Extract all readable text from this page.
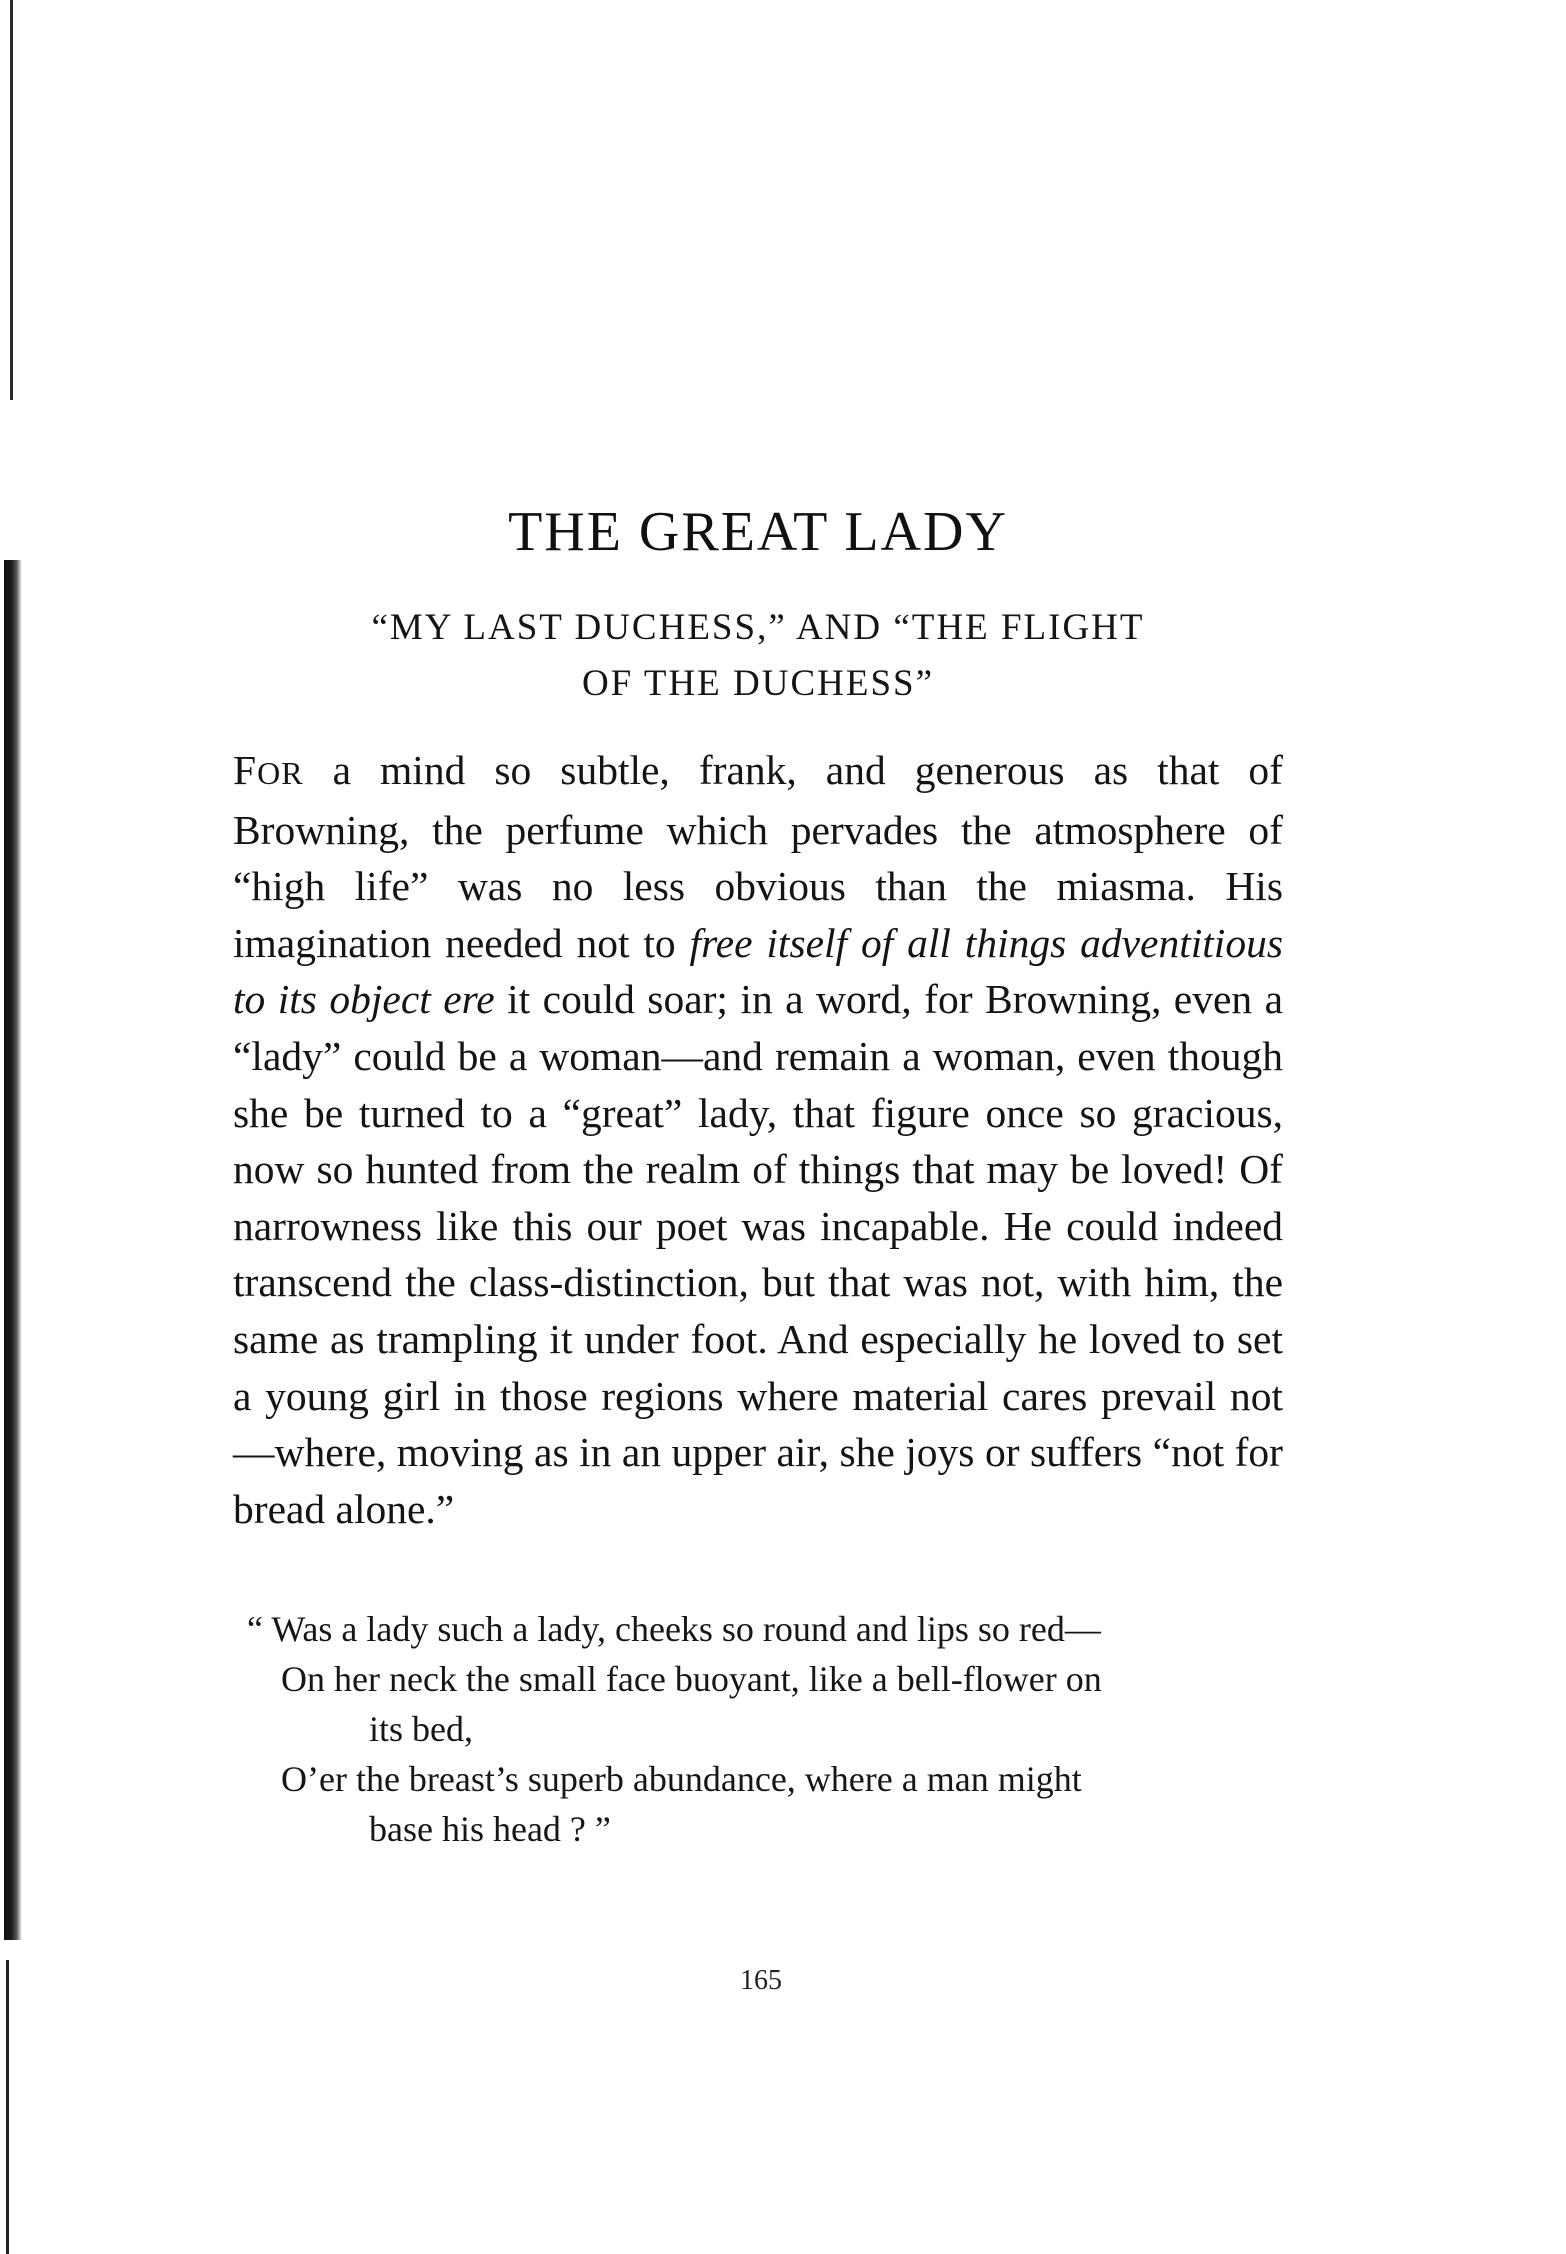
THE GREAT LADY
“MY LAST DUCHESS,” AND “THE FLIGHT
OF THE DUCHESS”

FOR a mind so subtle, frank, and generous as that of Browning, the perfume which pervades the atmosphere of “high life” was no less obvious than the miasma. His imagination needed not to free itself of all things adventitious to its object ere it could soar; in a word, for Browning, even a “lady” could be a woman—and remain a woman, even though she be turned to a “great” lady, that figure once so gracious, now so hunted from the realm of things that may be loved! Of narrowness like this our poet was incapable. He could indeed transcend the class-distinction, but that was not, with him, the same as trampling it under foot. And especially he loved to set a young girl in those regions where material cares prevail not—where, moving as in an upper air, she joys or suffers “not for bread alone.”

“ Was a lady such a lady, cheeks so round and lips so red—
On her neck the small face buoyant, like a bell-flower on
its bed,
O’er the breast’s superb abundance, where a man might
base his head ? ”
165
